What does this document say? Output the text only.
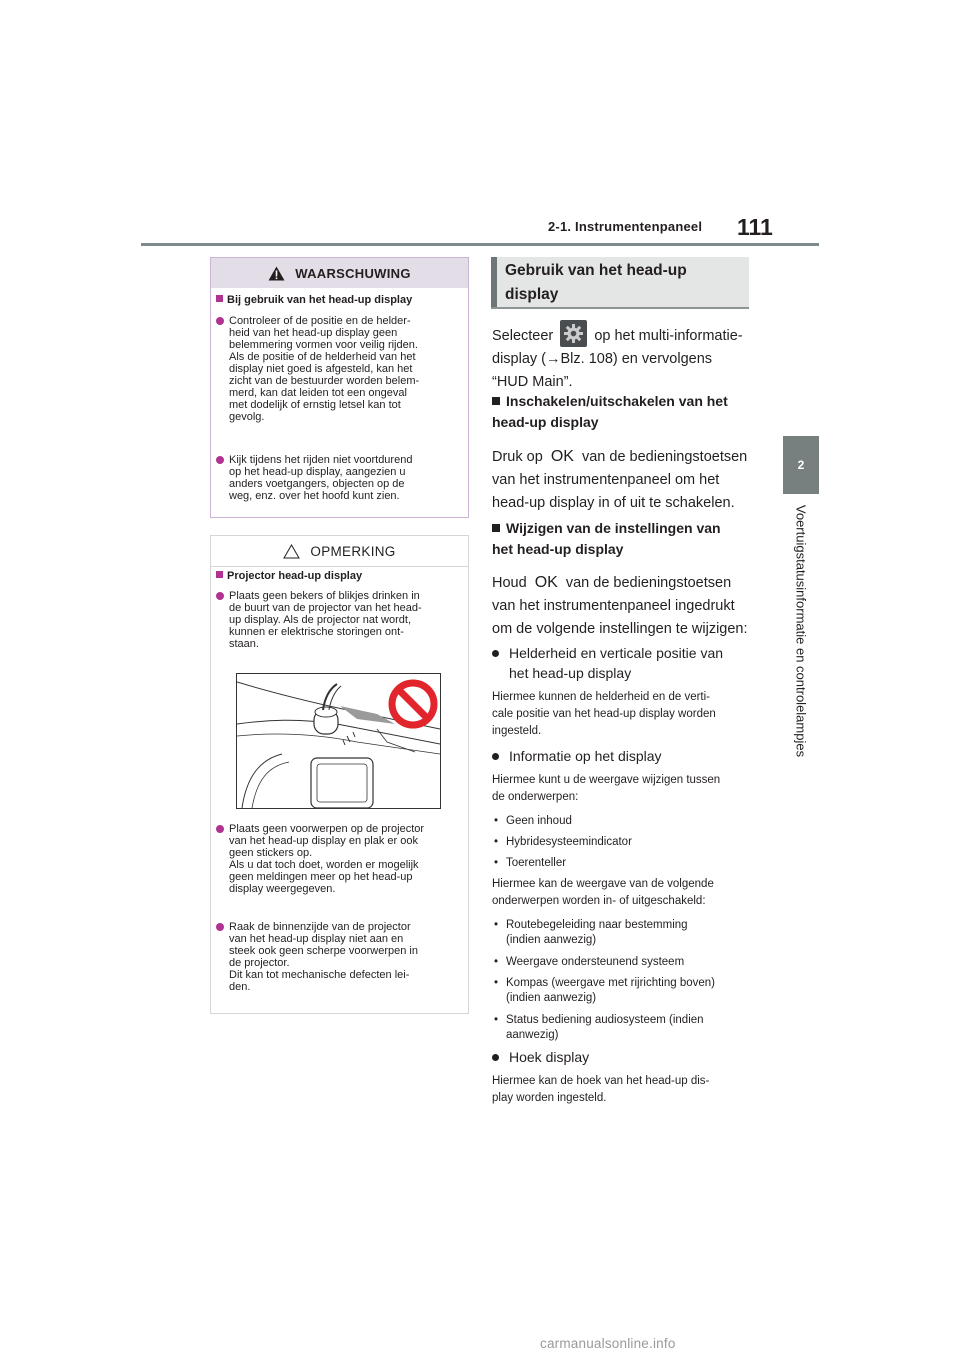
2-1. Instrumentenpaneel 111
2
Voertuigstatusinformatie en controlelampjes
WAARSCHUWING
Bij gebruik van het head-up display
Controleer of de positie en de helder-
heid van het head-up display geen
belemmering vormen voor veilig rijden.
Als de positie of de helderheid van het
display niet goed is afgesteld, kan het
zicht van de bestuurder worden belem-
merd, kan dat leiden tot een ongeval
met dodelijk of ernstig letsel kan tot
gevolg.
Kijk tijdens het rijden niet voortdurend
op het head-up display, aangezien u
anders voetgangers, objecten op de
weg, enz. over het hoofd kunt zien.
OPMERKING
Projector head-up display
Plaats geen bekers of blikjes drinken in
de buurt van de projector van het head-
up display. Als de projector nat wordt,
kunnen er elektrische storingen ont-
staan.
Plaats geen voorwerpen op de projector
van het head-up display en plak er ook
geen stickers op.
Als u dat toch doet, worden er mogelijk
geen meldingen meer op het head-up
display weergegeven.
Raak de binnenzijde van de projector
van het head-up display niet aan en
steek ook geen scherpe voorwerpen in
de projector.
Dit kan tot mechanische defecten lei-
den.
Gebruik van het head-up
display
Selecteer	op het multi-informatie-
display (→Blz. 108) en vervolgens
“HUD Main”.
Inschakelen/uitschakelen van het
head-up display
Druk op OK van de bedieningstoetsen
van het instrumentenpaneel om het
head-up display in of uit te schakelen.
Wijzigen van de instellingen van
het head-up display
Houd OK van de bedieningstoetsen
van het instrumentenpaneel ingedrukt
om de volgende instellingen te wijzigen:
Helderheid en verticale positie van
het head-up display
Hiermee kunnen de helderheid en de verti-
cale positie van het head-up display worden
ingesteld.
Informatie op het display
Hiermee kunt u de weergave wijzigen tussen
de onderwerpen:
• Geen inhoud
• Hybridesysteemindicator
• Toerenteller
Hiermee kan de weergave van de volgende
onderwerpen worden in- of uitgeschakeld:
• Routebegeleiding naar bestemming
(indien aanwezig)
• Weergave ondersteunend systeem
• Kompas (weergave met rijrichting boven)
(indien aanwezig)
• Status bediening audiosysteem (indien
aanwezig)
Hoek display
Hiermee kan de hoek van het head-up dis-
play worden ingesteld.
carmanualsonline.info
